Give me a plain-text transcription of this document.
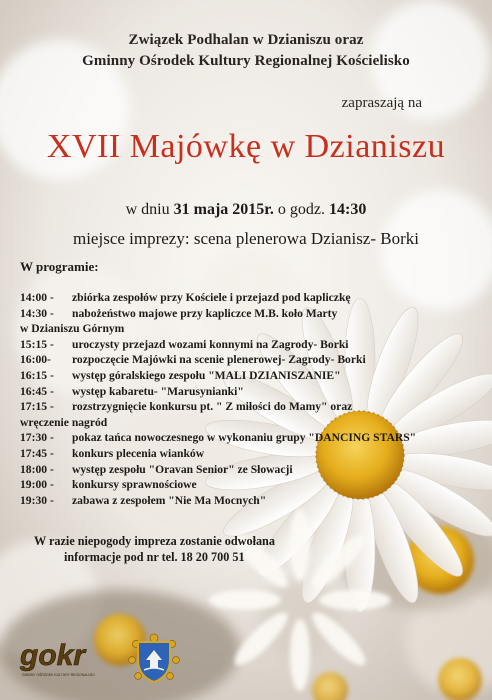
Związek Podhalan w Dzianiszu oraz
Gminny Ośrodek Kultury Regionalnej Kościelisko
zapraszają na
XVII Majówkę w Dzianiszu
w dniu 31 maja 2015r. o godz. 14:30
miejsce imprezy: scena plenerowa Dzianisz- Borki
W programie:
14:00 - zbiórka zespołów przy Kościele i przejazd pod kapliczkę
14:30 - nabożeństwo majowe przy kapliczce M.B. koło Marty
w Dzianiszu Górnym
15:15 - uroczysty przejazd wozami konnymi na Zagrody- Borki
16:00- rozpoczęcie Majówki na scenie plenerowej- Zagrody- Borki
16:15 - występ góralskiego zespołu "MALI DZIANISZANIE"
16:45 - występ kabaretu- "Marusynianki"
17:15 - rozstrzygnięcie konkursu pt. " Z miłości do Mamy" oraz
wręczenie nagród
17:30 - pokaz tańca nowoczesnego w wykonaniu grupy "DANCING STARS"
17:45 - konkurs plecenia wianków
18:00 - występ zespołu "Oravan Senior" ze Słowacji
19:00 - konkursy sprawnościowe
19:30 - zabawa z zespołem "Nie Ma Mocnych"
W razie niepogody impreza zostanie odwołana
informacje pod nr tel. 18 20 700 51
gokr
GMINNY OŚRODEK KULTURY REGIONALNEJ
